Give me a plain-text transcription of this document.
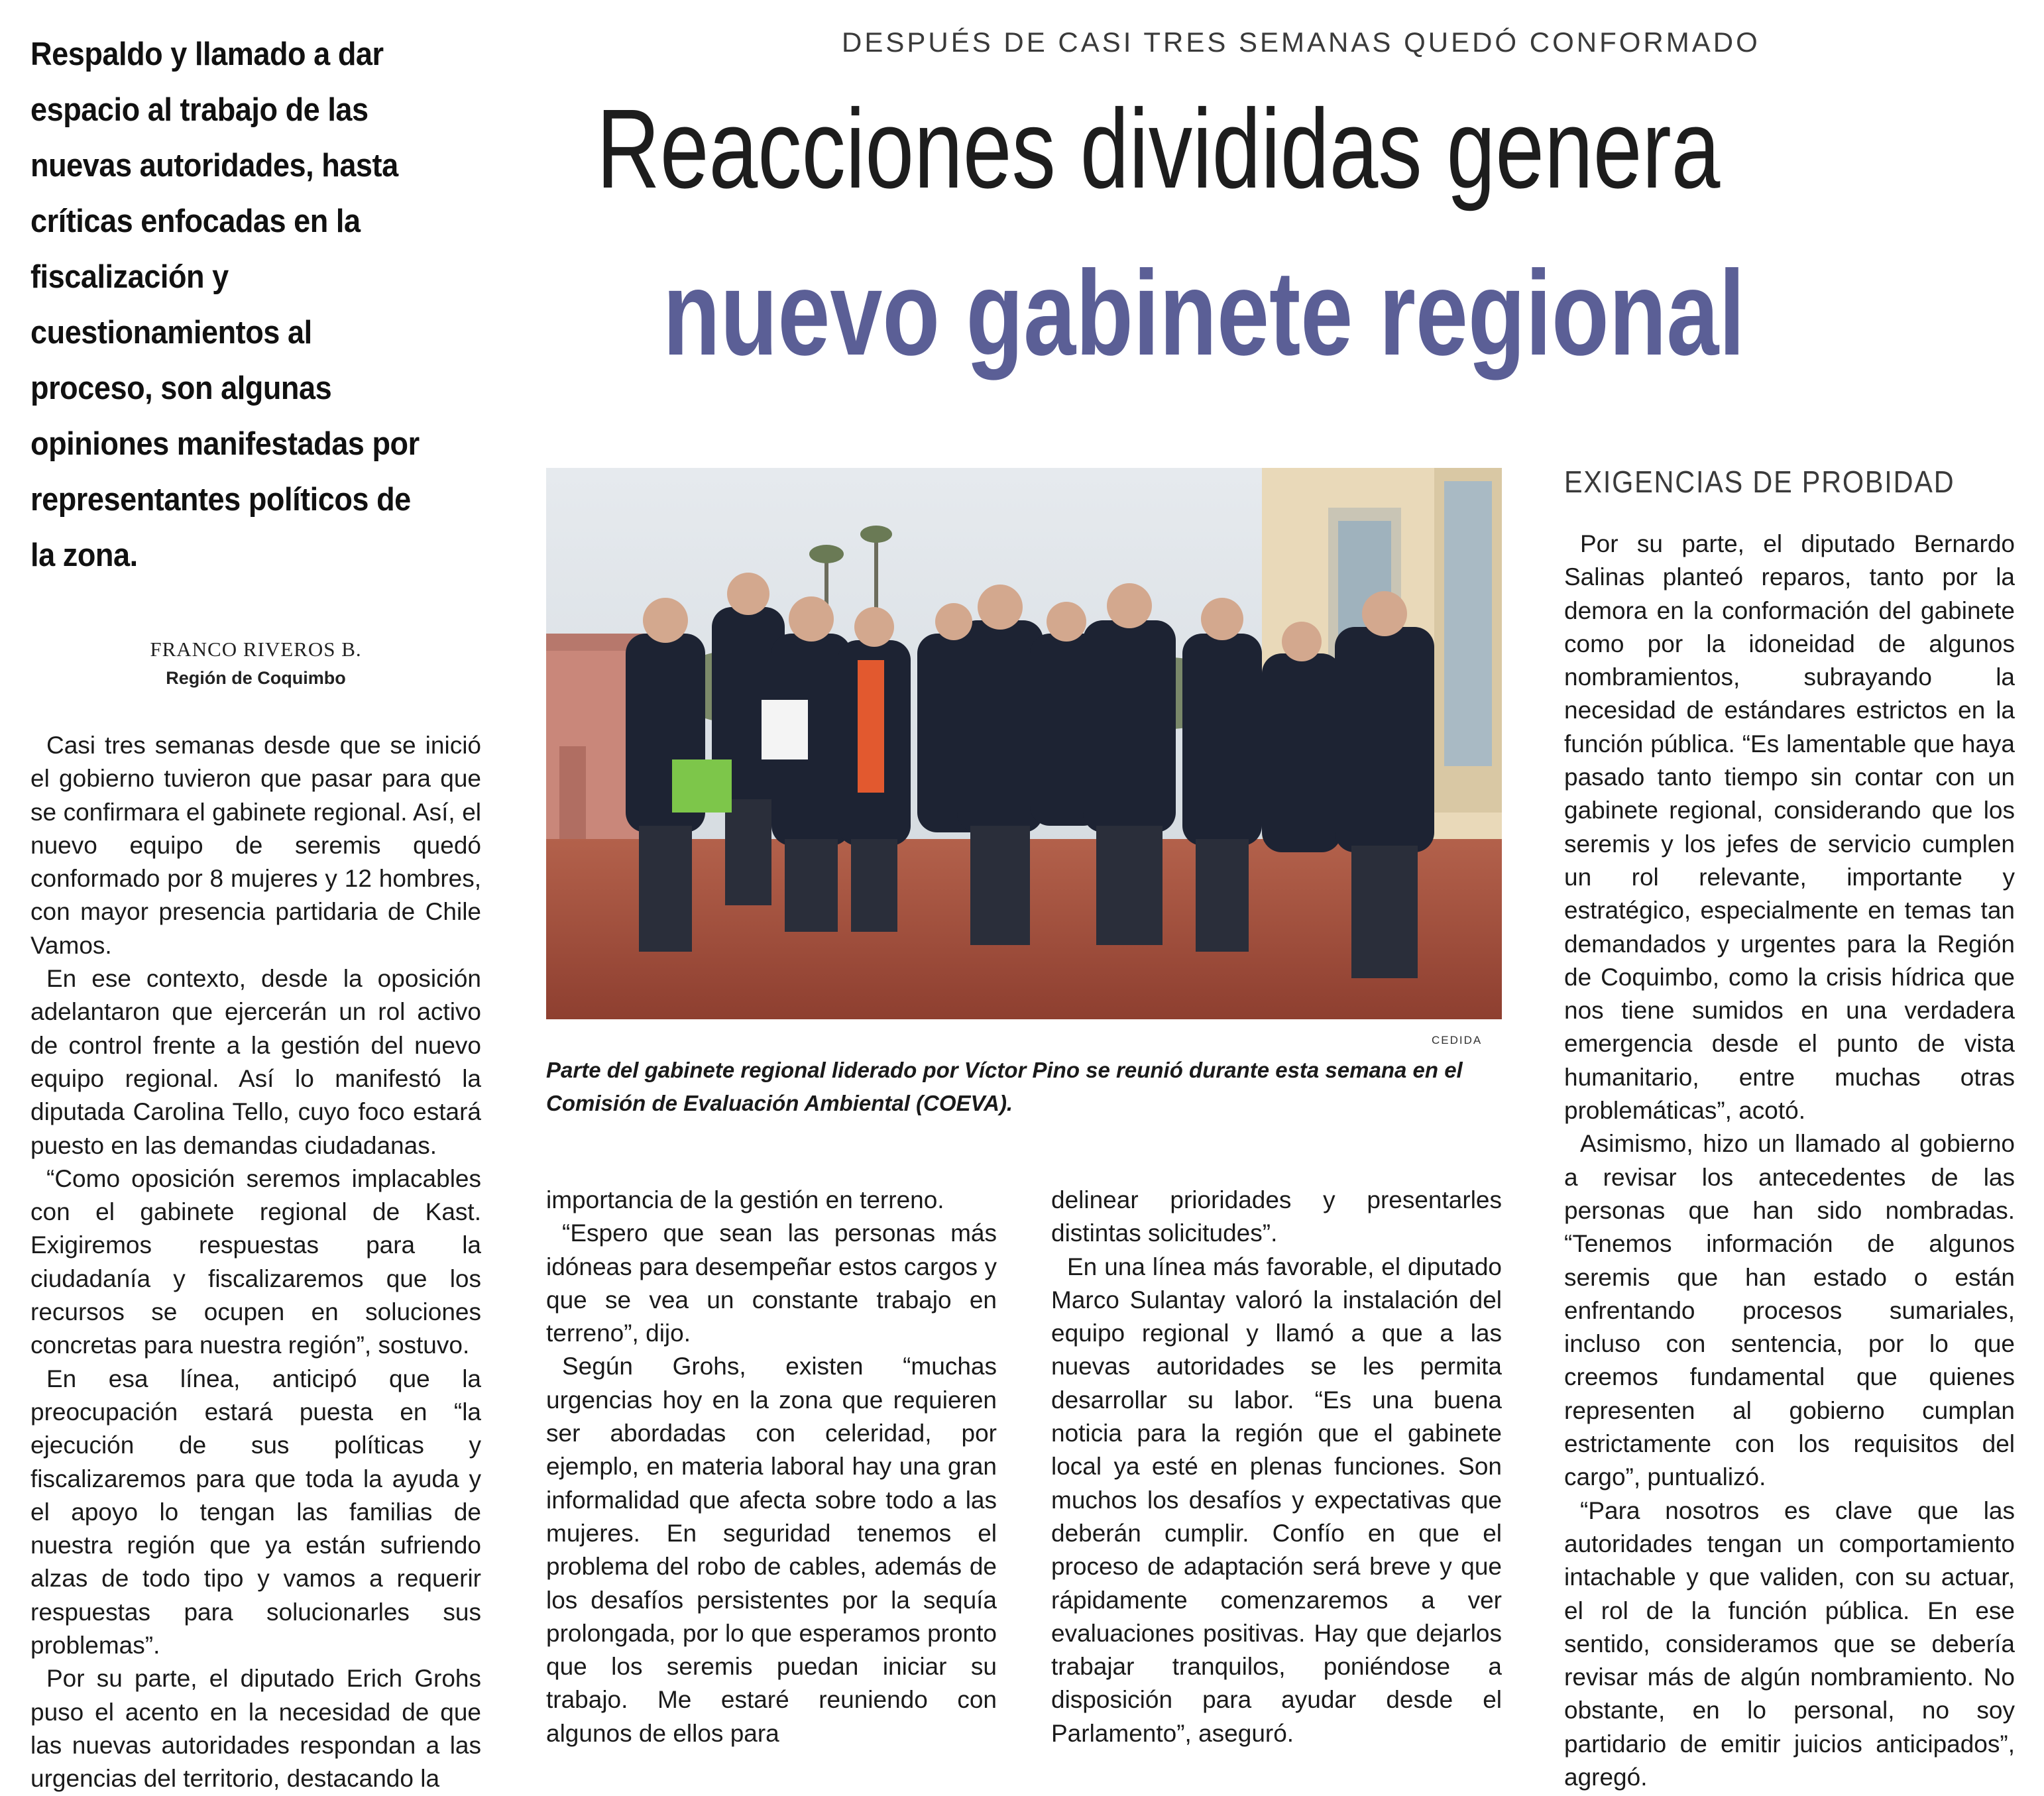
Respaldo y llamado a dar espacio al trabajo de las nuevas autoridades, hasta críticas enfocadas en la fiscalización y cuestionamientos al proceso, son algunas opiniones manifestadas por representantes políticos de la zona.
FRANCO RIVEROS B.
Región de Coquimbo
DESPUÉS DE CASI TRES SEMANAS QUEDÓ CONFORMADO
Reacciones divididas genera
nuevo gabinete regional
CEDIDA
Parte del gabinete regional liderado por Víctor Pino se reunió durante esta semana en el Comisión de Evaluación Ambiental (COEVA).
EXIGENCIAS DE PROBIDAD

Casi tres semanas desde que se inició el gobierno tuvieron que pasar para que se confirmara el gabinete regional. Así, el nuevo equipo de seremis quedó conformado por 8 mujeres y 12 hombres, con mayor presencia partidaria de Chile Vamos.

En ese contexto, desde la oposición adelantaron que ejercerán un rol activo de control frente a la gestión del nuevo equipo regional. Así lo manifestó la diputada Carolina Tello, cuyo foco estará puesto en las demandas ciudadanas.

“Como oposición seremos implacables con el gabinete regional de Kast. Exigiremos respuestas para la ciudadanía y fiscalizaremos que los recursos se ocupen en soluciones concretas para nuestra región”, sostuvo.

En esa línea, anticipó que la preocupación estará puesta en “la ejecución de sus políticas y fiscalizaremos para que toda la ayuda y el apoyo lo tengan las familias de nuestra región que ya están sufriendo alzas de todo tipo y vamos a requerir respuestas para solucionarles sus problemas”.

Por su parte, el diputado Erich Grohs puso el acento en la necesidad de que las nuevas autoridades respondan a las urgencias del territorio, destacando la

importancia de la gestión en terreno.

“Espero que sean las personas más idóneas para desempeñar estos cargos y que se vea un constante trabajo en terreno”, dijo.

Según Grohs, existen “muchas urgencias hoy en la zona que requieren ser abordadas con celeridad, por ejemplo, en materia laboral hay una gran informalidad que afecta sobre todo a las mujeres. En seguridad tenemos el problema del robo de cables, además de los desafíos persistentes por la sequía prolongada, por lo que esperamos pronto que los seremis puedan iniciar su trabajo. Me estaré reuniendo con algunos de ellos para

delinear prioridades y presentarles distintas solicitudes”.

En una línea más favorable, el diputado Marco Sulantay valoró la instalación del equipo regional y llamó a que a las nuevas autoridades se les permita desarrollar su labor. “Es una buena noticia para la región que el gabinete local ya esté en plenas funciones. Son muchos los desafíos y expectativas que deberán cumplir. Confío en que el proceso de adaptación será breve y que rápidamente comenzaremos a ver evaluaciones positivas. Hay que dejarlos trabajar tranquilos, poniéndose a disposición para ayudar desde el Parlamento”, aseguró.

Por su parte, el diputado Bernardo Salinas planteó reparos, tanto por la demora en la conformación del gabinete como por la idoneidad de algunos nombramientos, subrayando la necesidad de estándares estrictos en la función pública. “Es lamentable que haya pasado tanto tiempo sin contar con un gabinete regional, considerando que los seremis y los jefes de servicio cumplen un rol relevante, importante y estratégico, especialmente en temas tan demandados y urgentes para la Región de Coquimbo, como la crisis hídrica que nos tiene sumidos en una verdadera emergencia desde el punto de vista humanitario, entre muchas otras problemáticas”, acotó.

Asimismo, hizo un llamado al gobierno a revisar los antecedentes de las personas que han sido nombradas. “Tenemos información de algunos seremis que han estado o están enfrentando procesos sumariales, incluso con sentencia, por lo que creemos fundamental que quienes representen al gobierno cumplan estrictamente con los requisitos del cargo”, puntualizó.

“Para nosotros es clave que las autoridades tengan un comportamiento intachable y que validen, con su actuar, el rol de la función pública. En ese sentido, consideramos que se debería revisar más de algún nombramiento. No obstante, en lo personal, no soy partidario de emitir juicios anticipados”, agregó.
